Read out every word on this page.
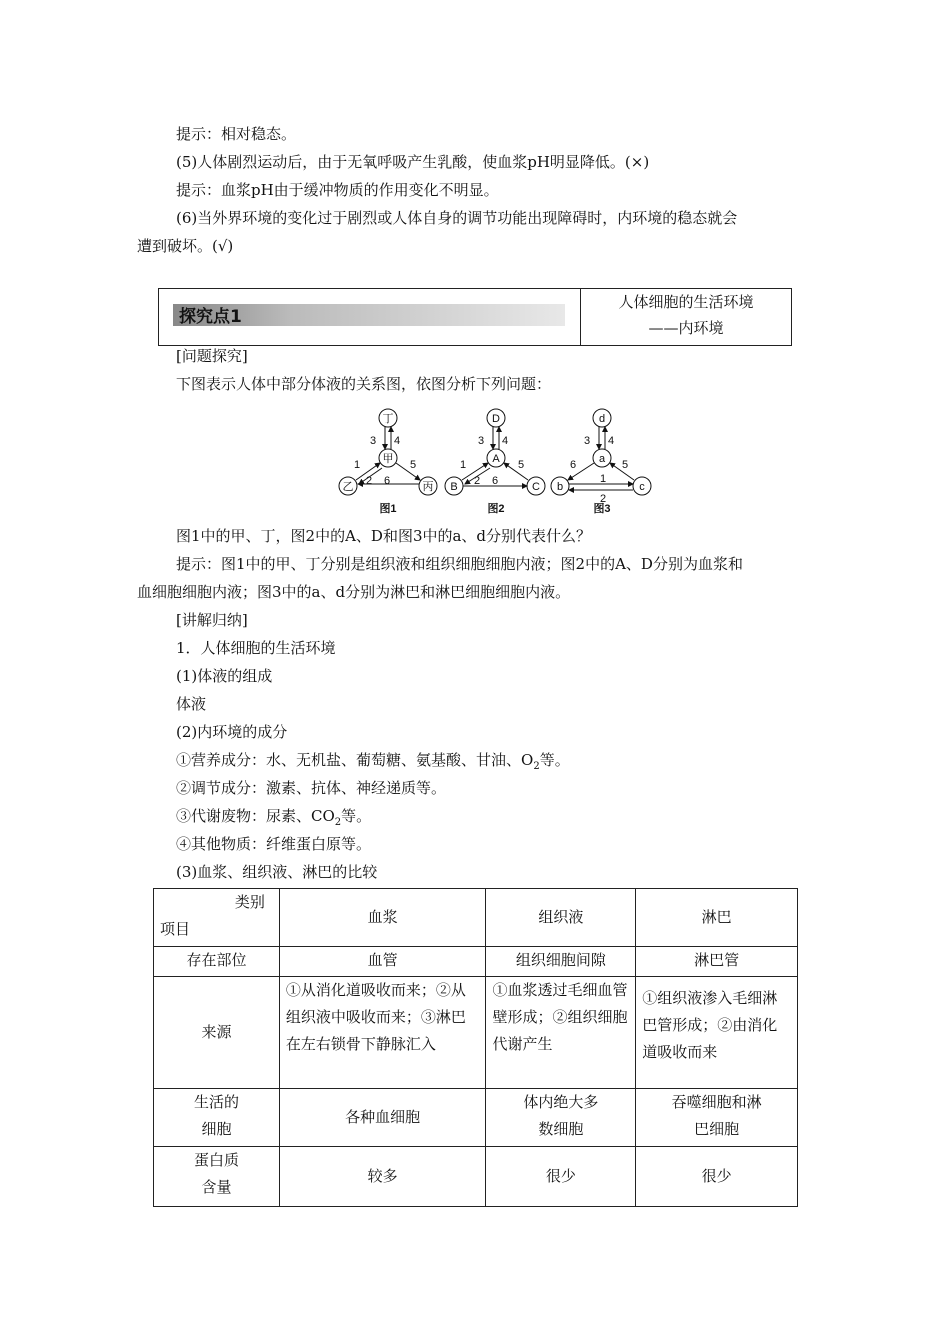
提示：相对稳态。
(5)人体剧烈运动后，由于无氧呼吸产生乳酸，使血浆pH明显降低。(×)
提示：血浆pH由于缓冲物质的作用变化不明显。
(6)当外界环境的变化过于剧烈或人体自身的调节功能出现障碍时，内环境的稳态就会
遭到破坏。(√)
探究点1
人体细胞的生活环境
——内环境
[问题探究]
下图表示人体中部分体液的关系图，依图分析下列问题：
3 4
1
2 6
5
丁
甲
乙	丙
图1
3 4
1
2 6
5
D
A
B	C
图2
3 4
6
1
2
5
d
a
b	c
图3
图1中的甲、丁，图2中的A、D和图3中的a、d分别代表什么？
提示：图1中的甲、丁分别是组织液和组织细胞细胞内液；图2中的A、D分别为血浆和
血细胞细胞内液；图3中的a、d分别为淋巴和淋巴细胞细胞内液。
[讲解归纳]
1．人体细胞的生活环境
(1)体液的组成
体液
(2)内环境的成分
①营养成分：水、无机盐、葡萄糖、氨基酸、甘油、$O_2$等。
②调节成分：激素、抗体、神经递质等。
③代谢废物：尿素、$CO_2$等。
④其他物质：纤维蛋白原等。
(3)血浆、组织液、淋巴的比较
类别
项目	血浆	组织液	淋巴
存在部位	血管	组织细胞间隙	淋巴管
来源	①从消化道吸收而来；②从组织液中吸收而来；③淋巴在左右锁骨下静脉汇入	①血浆透过毛细血管壁形成；②组织细胞代谢产生	①组织液渗入毛细淋巴管形成；②由消化道吸收而来
生活的细胞	各种血细胞	体内绝大多数细胞	吞噬细胞和淋巴细胞
蛋白质含量	较多	很少	很少
